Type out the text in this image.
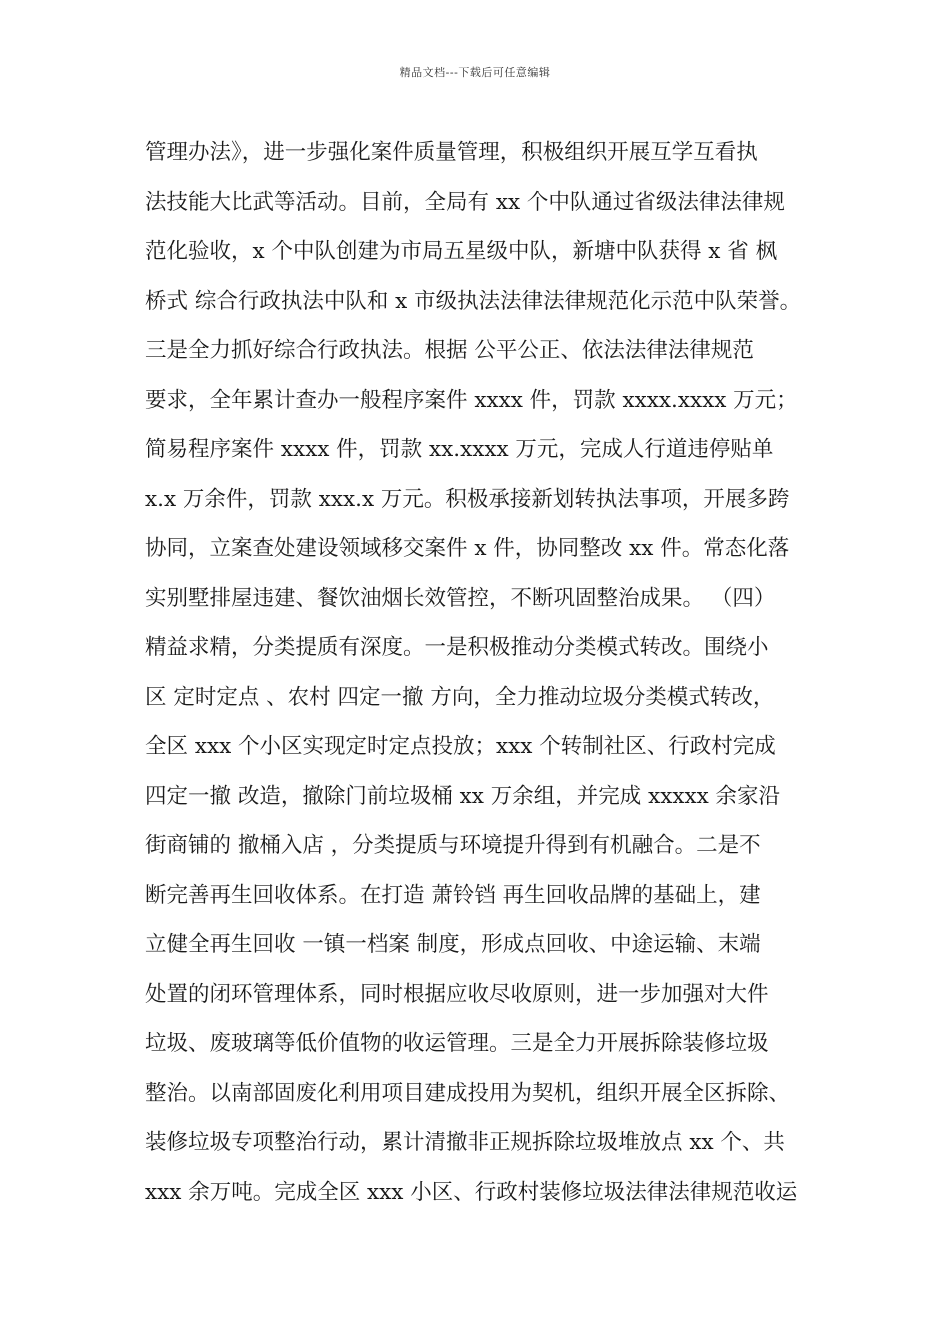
精品文档---下载后可任意编辑
管理办法》，进一步强化案件质量管理，积极组织开展互学互看执
法技能大比武等活动。目前，全局有 xx 个中队通过省级法律法律规
范化验收，x 个中队创建为市局五星级中队，新塘中队获得 x 省 枫
桥式 综合行政执法中队和 x 市级执法法律法律规范化示范中队荣誉。
三是全力抓好综合行政执法。根据 公平公正、依法法律法律规范
要求，全年累计查办一般程序案件 xxxx 件，罚款 xxxx.xxxx 万元；
简易程序案件 xxxx 件，罚款 xx.xxxx 万元，完成人行道违停贴单
x.x 万余件，罚款 xxx.x 万元。积极承接新划转执法事项，开展多跨
协同，立案查处建设领域移交案件 x 件，协同整改 xx 件。常态化落
实别墅排屋违建、餐饮油烟长效管控，不断巩固整治成果。 （四）
精益求精，分类提质有深度。一是积极推动分类模式转改。围绕小
区 定时定点 、农村 四定一撤 方向，全力推动垃圾分类模式转改，
全区 xxx 个小区实现定时定点投放；xxx 个转制社区、行政村完成
四定一撤 改造，撤除门前垃圾桶 xx 万余组，并完成 xxxxx 余家沿
街商铺的 撤桶入店 ，分类提质与环境提升得到有机融合。二是不
断完善再生回收体系。在打造 萧铃铛 再生回收品牌的基础上，建
立健全再生回收 一镇一档案 制度，形成点回收、中途运输、末端
处置的闭环管理体系，同时根据应收尽收原则，进一步加强对大件
垃圾、废玻璃等低价值物的收运管理。三是全力开展拆除装修垃圾
整治。以南部固废化利用项目建成投用为契机，组织开展全区拆除、
装修垃圾专项整治行动，累计清撤非正规拆除垃圾堆放点 xx 个、共
xxx 余万吨。完成全区 xxx 小区、行政村装修垃圾法律法律规范收运
